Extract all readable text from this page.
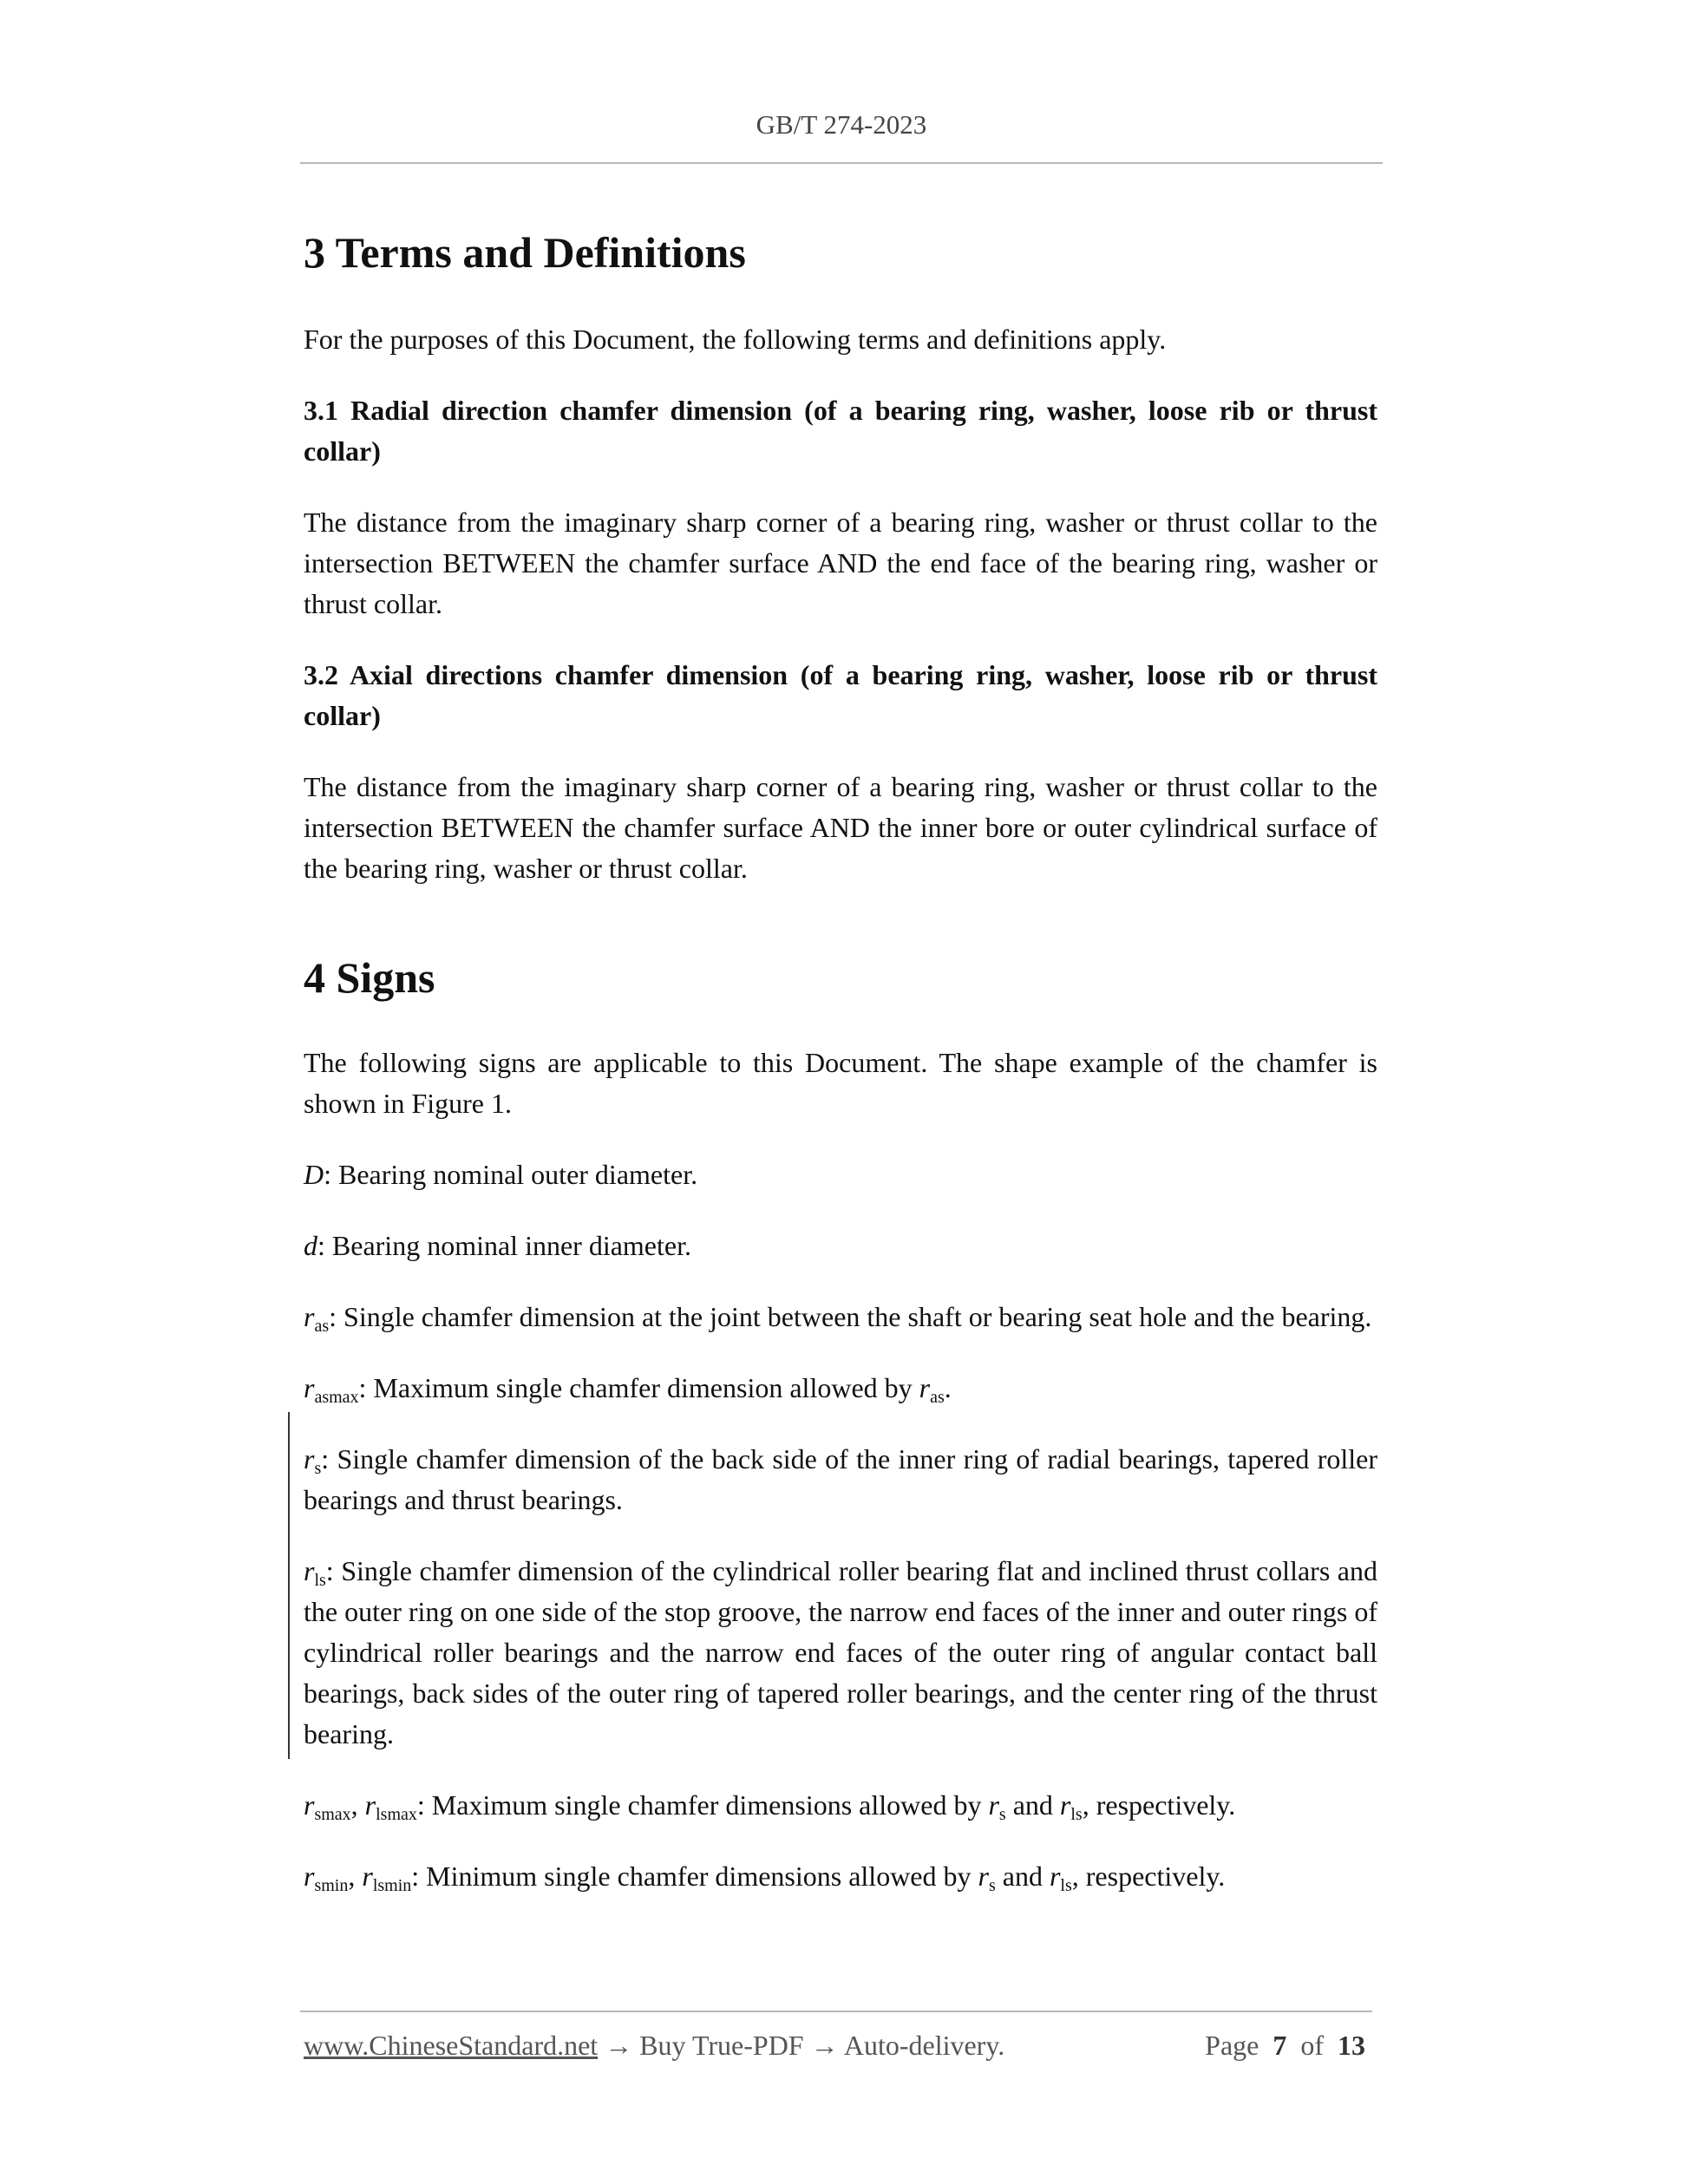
GB/T 274-2023
3 Terms and Definitions

For the purposes of this Document, the following terms and definitions apply.

3.1 Radial direction chamfer dimension (of a bearing ring, washer, loose rib or thrust collar)

The distance from the imaginary sharp corner of a bearing ring, washer or thrust collar to the intersection BETWEEN the chamfer surface AND the end face of the bearing ring, washer or thrust collar.

3.2 Axial directions chamfer dimension (of a bearing ring, washer, loose rib or thrust collar)

The distance from the imaginary sharp corner of a bearing ring, washer or thrust collar to the intersection BETWEEN the chamfer surface AND the inner bore or outer cylindrical surface of the bearing ring, washer or thrust collar.

4 Signs

The following signs are applicable to this Document. The shape example of the chamfer is shown in Figure 1.

D: Bearing nominal outer diameter.

d: Bearing nominal inner diameter.

$r_{as}$: Single chamfer dimension at the joint between the shaft or bearing seat hole and the bearing.

$r_{asmax}$: Maximum single chamfer dimension allowed by $r_{as}$.

$r_s$: Single chamfer dimension of the back side of the inner ring of radial bearings, tapered roller bearings and thrust bearings.

$r_{ls}$: Single chamfer dimension of the cylindrical roller bearing flat and inclined thrust collars and the outer ring on one side of the stop groove, the narrow end faces of the inner and outer rings of cylindrical roller bearings and the narrow end faces of the outer ring of angular contact ball bearings, back sides of the outer ring of tapered roller bearings, and the center ring of the thrust bearing.

$r_{smax}$, $r_{lsmax}$: Maximum single chamfer dimensions allowed by $r_s$ and $r_{ls}$, respectively.

$r_{smin}$, $r_{lsmin}$: Minimum single chamfer dimensions allowed by $r_s$ and $r_{ls}$, respectively.

www.ChineseStandard.net → Buy True-PDF → Auto-delivery.	Page 7 of 13
